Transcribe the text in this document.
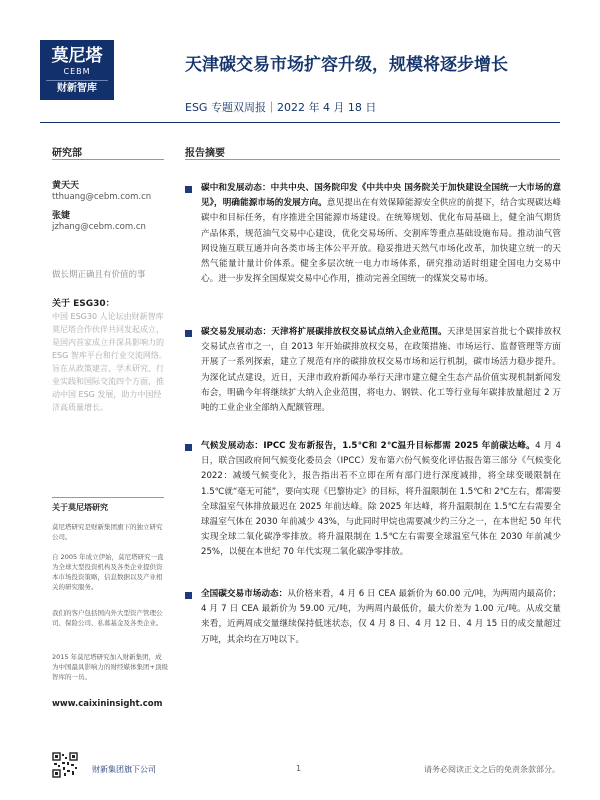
莫尼塔
CEBM
财新智库
天津碳交易市场扩容升级，规模将逐步增长
ESG 专题双周报｜2022 年 4 月 18 日
研究部	报告摘要
黄天天
tthuang@cebm.com.cn
张婕
jzhang@cebm.com.cn
做长期正确且有价值的事
关于 ESG30：
中国 ESG30 人论坛由财新智库莫尼塔合作伙伴共同发起成立，是国内首家成立并深具影响力的 ESG 智库平台和行业交流网络。旨在从政策建言、学术研究、行业实践和国际交流四个方面，推动中国 ESG 发展，助力中国经济高质量增长。
关于莫尼塔研究
莫尼塔研究是财新集团旗下的独立研究公司。
自 2005 年成立伊始，莫尼塔研究一直为全球大型投资机构及各类企业提供资本市场投资策略，信息数据以及产业相关的研究服务。
我们的客户包括国内外大型资产管理公司、保险公司、私募基金及各类企业。
2015 年莫尼塔研究加入财新集团，成为中国最具影响力的财经媒体集团+顶级智库的一员。
www.caixininsight.com
碳中和发展动态：中共中央、国务院印发《中共中央 国务院关于加快建设全国统一大市场的意见》，明确能源市场的发展方向。意见提出在有效保障能源安全供应的前提下，结合实现碳达峰碳中和目标任务，有序推进全国能源市场建设。在统筹规划、优化布局基础上，健全油气期货产品体系，规范油气交易中心建设，优化交易场所、交割库等重点基础设施布局。推动油气管网设施互联互通并向各类市场主体公平开放。稳妥推进天然气市场化改革，加快建立统一的天然气能量计量计价体系。健全多层次统一电力市场体系，研究推动适时组建全国电力交易中心。进一步发挥全国煤炭交易中心作用，推动完善全国统一的煤炭交易市场。
碳交易发展动态：天津将扩展碳排放权交易试点纳入企业范围。天津是国家首批七个碳排放权交易试点省市之一，自 2013 年开始碳排放权交易，在政策措施、市场运行、监督管理等方面开展了一系列探索，建立了规范有序的碳排放权交易市场和运行机制，碳市场活力稳步提升。为深化试点建设，近日，天津市政府新闻办举行天津市建立健全生态产品价值实现机制新闻发布会，明确今年将继续扩大纳入企业范围，将电力、钢铁、化工等行业每年碳排放量超过 2 万吨的工业企业全部纳入配额管理。
气候发展动态：IPCC 发布新报告，1.5℃和 2℃温升目标都需 2025 年前碳达峰。4 月 4 日，联合国政府间气候变化委员会（IPCC）发布第六份气候变化评估报告第三部分《气候变化 2022：减缓气候变化》，报告指出若不立即在所有部门进行深度减排，将全球变暖限制在 1.5℃就“毫无可能”，要向实现《巴黎协定》的目标，将升温限制在 1.5℃和 2℃左右，都需要全球温室气体排放最迟在 2025 年前达峰。除 2025 年达峰，将升温限制在 1.5℃左右需要全球温室气体在 2030 年前减少 43%，与此同时甲烷也需要减少约三分之一，在本世纪 50 年代实现全球二氧化碳净零排放。将升温限制在 1.5℃左右需要全球温室气体在 2030 年前减少 25%，以便在本世纪 70 年代实现二氧化碳净零排放。
全国碳交易市场动态：从价格来看，4 月 6 日 CEA 最新价为 60.00 元/吨，为两周内最高价；4 月 7 日 CEA 最新价为 59.00 元/吨，为两周内最低价，最大价差为 1.00 元/吨。从成交量来看，近两周成交量继续保持低迷状态，仅 4 月 8 日、4 月 12 日、4 月 15 日的成交量超过万吨，其余均在万吨以下。
财新集团旗下公司	1	请务必阅读正文之后的免责条款部分。
